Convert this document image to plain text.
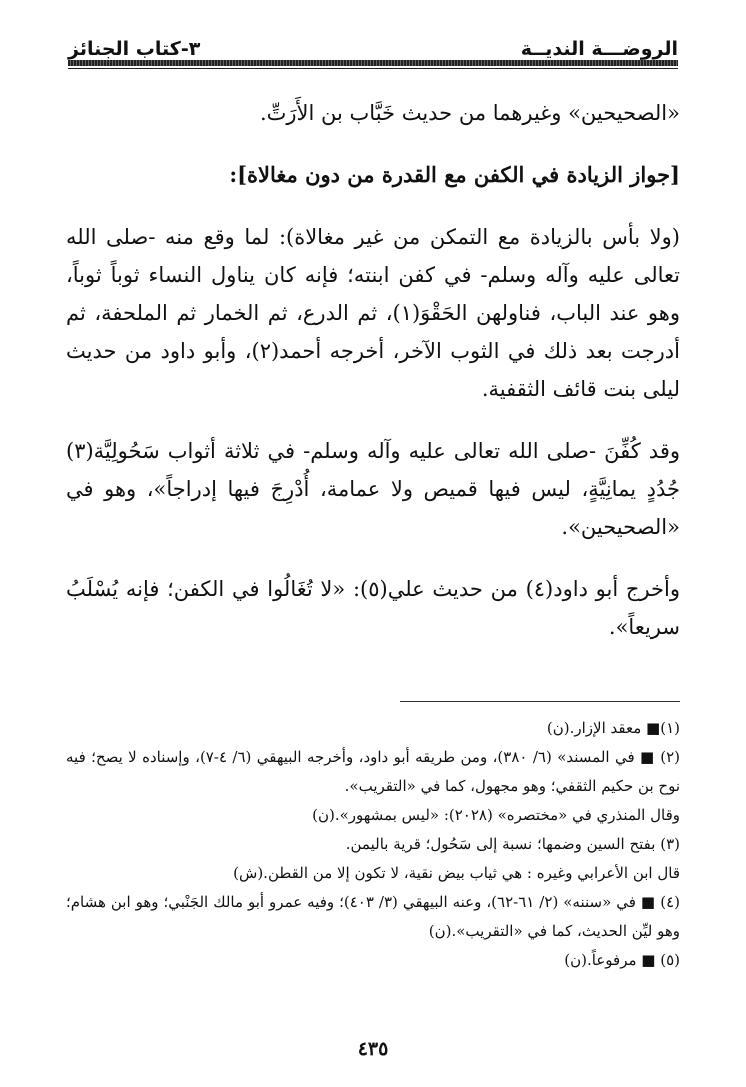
الروضـــة النديــة
٣-كتاب الجنائز

«الصحيحين» وغيرهما من حديث خَبَّاب بن الأَرَتِّ.

[جواز الزيادة في الكفن مع القدرة من دون مغالاة]:

(ولا بأس بالزيادة مع التمكن من غير مغالاة): لما وقع منه -صلى الله تعالى عليه وآله وسلم- في كفن ابنته؛ فإنه كان يناول النساء ثوباً ثوباً، وهو عند الباب، فناولهن الحَقْوَ(١)، ثم الدرع، ثم الخمار ثم الملحفة، ثم أدرجت بعد ذلك في الثوب الآخر، أخرجه أحمد(٢)، وأبو داود من حديث ليلى بنت قائف الثقفية.

وقد كُفِّنَ -صلى الله تعالى عليه وآله وسلم- في ثلاثة أثواب سَحُولِيَّة(٣) جُدُدٍ يمانِيَّةٍ، ليس فيها قميص ولا عمامة، أُدْرِجَ فيها إدراجاً»، وهو في «الصحيحين».

وأخرج أبو داود(٤) من حديث علي(٥): «لا تُغَالُوا في الكفن؛ فإنه يُسْلَبُ سريعاً».

(١)■ معقد الإزار.(ن)

(٢) ■ في المسند» (٦/ ٣٨٠)، ومن طريقه أبو داود، وأخرجه البيهقي (٦/ ٤-٧)، وإسناده لا يصح؛ فيه نوح بن حكيم الثقفي؛ وهو مجهول، كما في «التقريب».

وقال المنذري في «مختصره» (٢٠٢٨): «ليس بمشهور».(ن)

(٣) بفتح السين وضمها؛ نسبة إلى سَحُول؛ قرية باليمن.

قال ابن الأعرابي وغيره : هي ثياب بيض نقية، لا تكون إلا من القطن.(ش)

(٤) ■ في «سننه» (٢/ ٦١-٦٢)، وعنه البيهقي (٣/ ٤٠٣)؛ وفيه عمرو أبو مالك الجَنْبي؛ وهو ابن هشام؛ وهو ليِّن الحديث، كما في «التقريب».(ن)

(٥) ■ مرفوعاً.(ن)

٤٣٥
